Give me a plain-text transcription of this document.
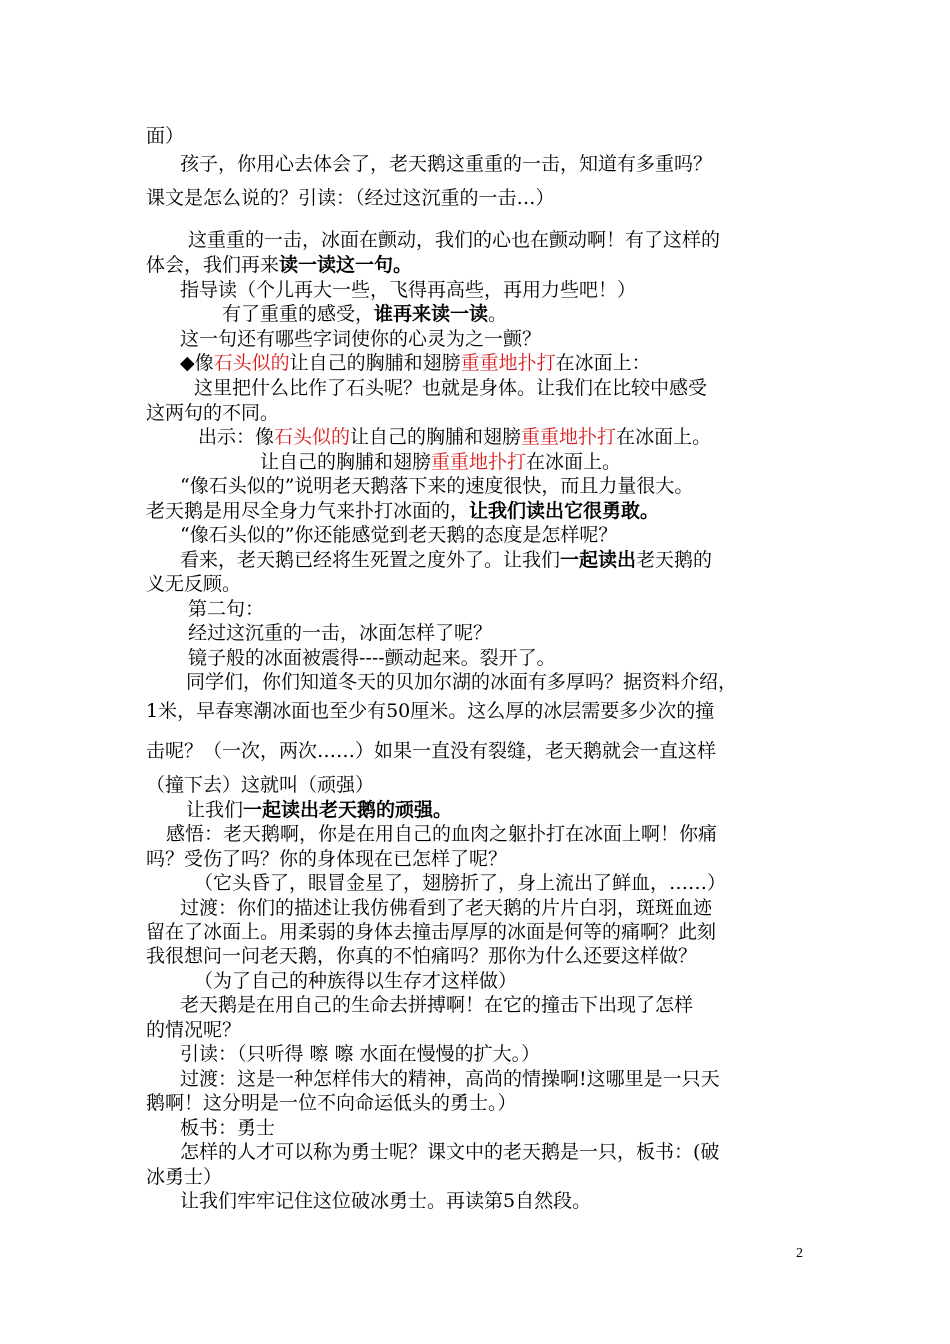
面）
孩子，你用心去体会了，老天鹅这重重的一击，知道有多重吗？
课文是怎么说的？引读：（经过这沉重的一击…）
这重重的一击，冰面在颤动，我们的心也在颤动啊！有了这样的
体会，我们再来读一读这一句。
指导读（个儿再大一些，飞得再高些，再用力些吧！）
有了重重的感受，谁再来读一读。
这一句还有哪些字词使你的心灵为之一颤？
◆像石头似的让自己的胸脯和翅膀重重地扑打在冰面上：
这里把什么比作了石头呢？也就是身体。让我们在比较中感受
这两句的不同。
出示：像石头似的让自己的胸脯和翅膀重重地扑打在冰面上。
让自己的胸脯和翅膀重重地扑打在冰面上。
“像石头似的”说明老天鹅落下来的速度很快，而且力量很大。
老天鹅是用尽全身力气来扑打冰面的，让我们读出它很勇敢。
“像石头似的”你还能感觉到老天鹅的态度是怎样呢？
看来，老天鹅已经将生死置之度外了。让我们一起读出老天鹅的
义无反顾。
第二句：
经过这沉重的一击，冰面怎样了呢？
镜子般的冰面被震得----颤动起来。裂开了。
同学们，你们知道冬天的贝加尔湖的冰面有多厚吗？据资料介绍，
1米，早春寒潮冰面也至少有50厘米。这么厚的冰层需要多少次的撞
击呢？（一次，两次……）如果一直没有裂缝，老天鹅就会一直这样
（撞下去）这就叫（顽强）
让我们一起读出老天鹅的顽强。
感悟：老天鹅啊，你是在用自己的血肉之躯扑打在冰面上啊！你痛
吗？受伤了吗？你的身体现在已怎样了呢？
（它头昏了，眼冒金星了，翅膀折了，身上流出了鲜血，……）
过渡：你们的描述让我仿佛看到了老天鹅的片片白羽，斑斑血迹
留在了冰面上。用柔弱的身体去撞击厚厚的冰面是何等的痛啊？此刻
我很想问一问老天鹅，你真的不怕痛吗？那你为什么还要这样做？
（为了自己的种族得以生存才这样做）
老天鹅是在用自己的生命去拼搏啊！在它的撞击下出现了怎样
的情况呢？
引读：（只听得 嚓 嚓 水面在慢慢的扩大。）
过渡：这是一种怎样伟大的精神，高尚的情操啊!这哪里是一只天
鹅啊！这分明是一位不向命运低头的勇士。）
板书：勇士
怎样的人才可以称为勇士呢？课文中的老天鹅是一只，板书：(破
冰勇士）
让我们牢牢记住这位破冰勇士。再读第5自然段。
2
